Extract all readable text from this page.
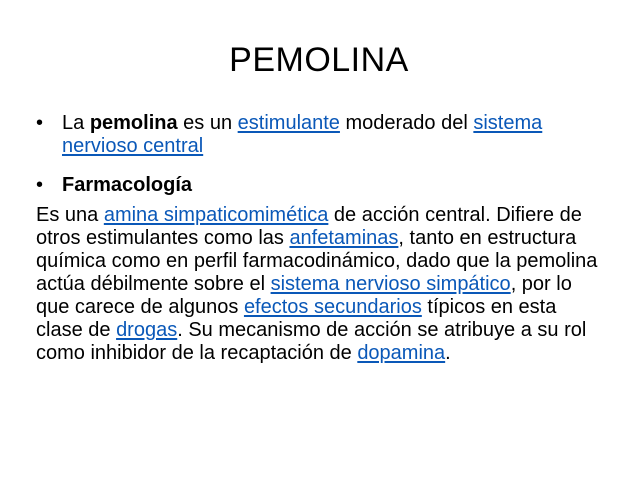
PEMOLINA
• La pemolina es un estimulante moderado del sistema nervioso central
• Farmacología
Es una amina simpaticomimética de acción central. Difiere de otros estimulantes como las anfetaminas, tanto en estructura química como en perfil farmacodinámico, dado que la pemolina actúa débilmente sobre el sistema nervioso simpático, por lo que carece de algunos efectos secundarios típicos en esta clase de drogas. Su mecanismo de acción se atribuye a su rol como inhibidor de la recaptación de dopamina.
